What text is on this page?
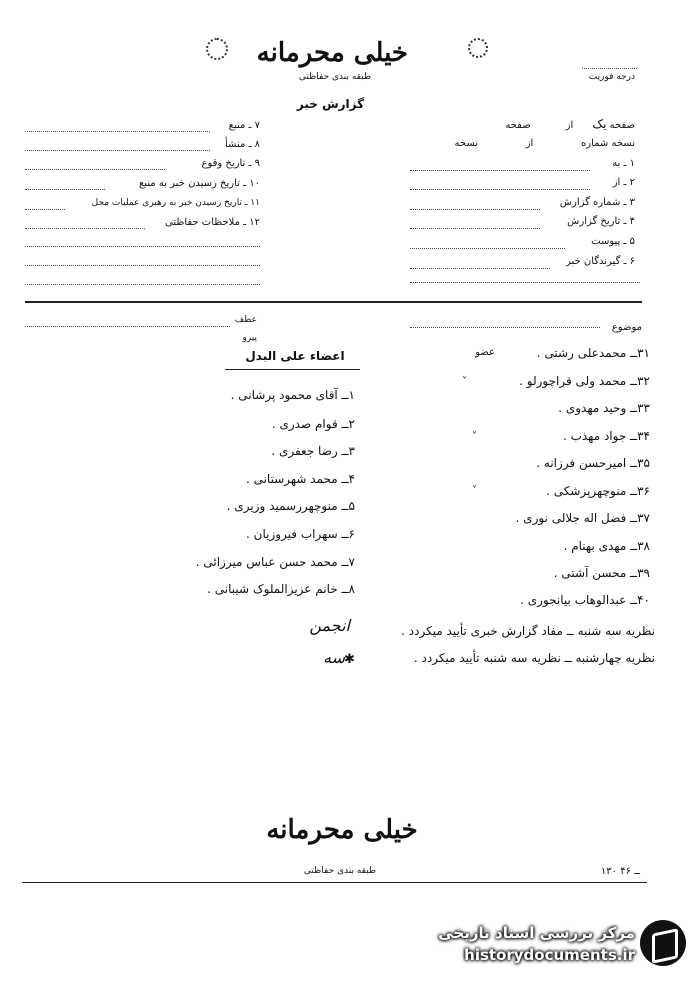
خیلی محرمانه
طبقه بندی حفاظتی	درجه فوریت
گزارش خبر
صفحه یک      از           صفحه
نسخه شماره               از               نسخه
۱ ـ به
۲ ـ از
۳ ـ شماره گزارش
۴ ـ تاریخ گزارش
۵ ـ پیوست
۶ ـ گیرندگان خبر
۷ ـ منبع
۸ ـ منشأ
۹ ـ تاریخ وقوع
۱۰ ـ تاریخ رسیدن خبر به منبع
۱۱ ـ تاریخ رسیدن خبر به رهبری عملیات محل
۱۲ ـ ملاحظات حفاظتی
عطف
پیرو
موضوع
اعضاء علی البدل	۳۱ــ محمدعلی رشتی .
عضو
۳۲ــ محمد ولی قراچورلو .
۳۳ــ وحید مهدوی .
۳۴ــ جواد مهذب .
۳۵ــ امیرحسن فرزانه .
۳۶ــ منوچهرپزشکی .
۳۷ــ فضل اله جلالی نوری .
۳۸ــ مهدی بهنام .
۳۹ــ محسن آشتی .
۴۰ــ عبدالوهاب بیانجوری .
˅
˅
˅
۱ــ آقای محمود پرشانی .
۲ــ قوام صدری .
۳ــ رضا جعفری .
۴ــ محمد شهرستانی .
۵ــ منوچهررسمید وزیری .
۶ــ سهراب فیروزیان .
۷ــ محمد حسن عباس میرزائی .
۸ــ خانم عزیزالملوک شیبانی .
نظریه سه شنبه ــ مفاد گزارش خبری تأیید میکردد .
نظریه چهارشنبه ــ نظریه سه شنبه تأیید میکردد .
انجمن
سه ✱
خیلی محرمانه
طبقه بندی حفاظتی	۱۳۰ ــ ۴۶
مرکز بررسی اسناد تاریخی
historydocuments.ir
